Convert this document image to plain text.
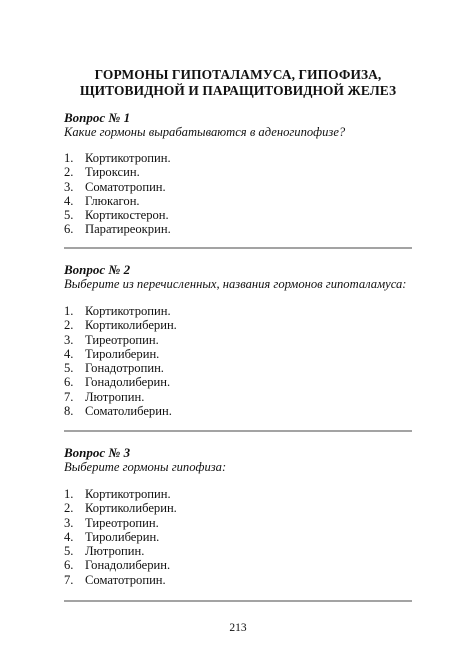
ГОРМОНЫ ГИПОТАЛАМУСА, ГИПОФИЗА,
ЩИТОВИДНОЙ И ПАРАЩИТОВИДНОЙ ЖЕЛЕЗ
Вопрос № 1
Какие гормоны вырабатываются в аденогипофизе?
1. Кортикотропин.
2. Тироксин.
3. Соматотропин.
4. Глюкагон.
5. Кортикостерон.
6. Паратиреокрин.
Вопрос № 2
Выберите из перечисленных, названия гормонов гипоталамуса:
1. Кортикотропин.
2. Кортиколиберин.
3. Тиреотропин.
4. Тиролиберин.
5. Гонадотропин.
6. Гонадолиберин.
7. Лютропин.
8. Соматолиберин.
Вопрос № 3
Выберите гормоны гипофиза:
1. Кортикотропин.
2. Кортиколиберин.
3. Тиреотропин.
4. Тиролиберин.
5. Лютропин.
6. Гонадолиберин.
7. Соматотропин.
213
